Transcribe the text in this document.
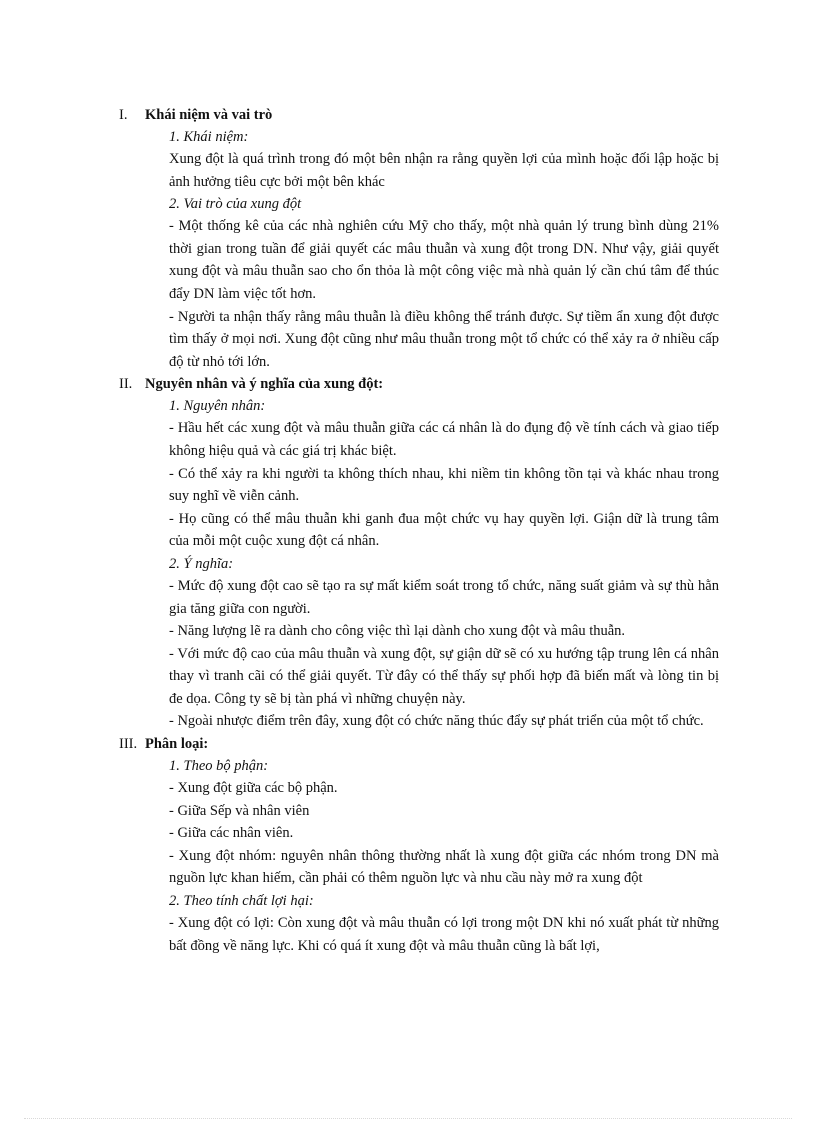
I.	Khái niệm và vai trò
1. Khái niệm:
Xung đột là quá trình trong đó một bên nhận ra rằng quyền lợi của mình hoặc đối lập hoặc bị ảnh hưởng tiêu cực bởi một bên khác
2. Vai trò của xung đột
- Một thống kê của các nhà nghiên cứu Mỹ cho thấy, một nhà quản lý trung bình dùng 21% thời gian trong tuần để giải quyết các mâu thuẫn và xung đột trong DN. Như vậy, giải quyết xung đột và mâu thuẫn sao cho ổn thỏa là một công việc mà nhà quản lý cần chú tâm để thúc đẩy DN làm việc tốt hơn.
- Người ta nhận thấy rằng mâu thuẫn là điều không thể tránh được. Sự tiềm ẩn xung đột được tìm thấy ở mọi nơi. Xung đột cũng như mâu thuẫn trong một tổ chức có thể xảy ra ở nhiều cấp độ từ nhỏ tới lớn.
II. Nguyên nhân và ý nghĩa của xung đột:
1. Nguyên nhân:
- Hầu hết các xung đột và mâu thuẫn giữa các cá nhân là do đụng độ về tính cách và giao tiếp không hiệu quả và các giá trị khác biệt.
- Có thể xảy ra khi người ta không thích nhau, khi niềm tin không tồn tại và khác nhau trong suy nghĩ về viễn cảnh.
- Họ cũng có thể mâu thuẫn khi ganh đua một chức vụ hay quyền lợi. Giận dữ là trung tâm của mỗi một cuộc xung đột cá nhân.
2. Ý nghĩa:
- Mức độ xung đột cao sẽ tạo ra sự mất kiểm soát trong tổ chức, năng suất giảm và sự thù hằn gia tăng giữa con người.
- Năng lượng lẽ ra dành cho công việc thì lại dành cho xung đột và mâu thuẫn.
- Với mức độ cao của mâu thuẫn và xung đột, sự giận dữ sẽ có xu hướng tập trung lên cá nhân thay vì tranh cãi có thể giải quyết. Từ đây có thể thấy sự phối hợp đã biến mất và lòng tin bị đe dọa. Công ty sẽ bị tàn phá vì những chuyện này.
- Ngoài nhược điểm trên đây, xung đột có chức năng thúc đẩy sự phát triển của một tổ chức.
III. Phân loại:
1. Theo bộ phận:
- Xung đột giữa các bộ phận.
- Giữa Sếp và nhân viên
- Giữa các nhân viên.
- Xung đột nhóm: nguyên nhân thông thường nhất là xung đột giữa các nhóm trong DN mà nguồn lực khan hiếm, cần phải có thêm nguồn lực và nhu cầu này mở ra xung đột
2. Theo tính chất lợi hại:
- Xung đột có lợi: Còn xung đột và mâu thuẫn có lợi trong một DN khi nó xuất phát từ những bất đồng về năng lực. Khi có quá ít xung đột và mâu thuẫn cũng là bất lợi,
